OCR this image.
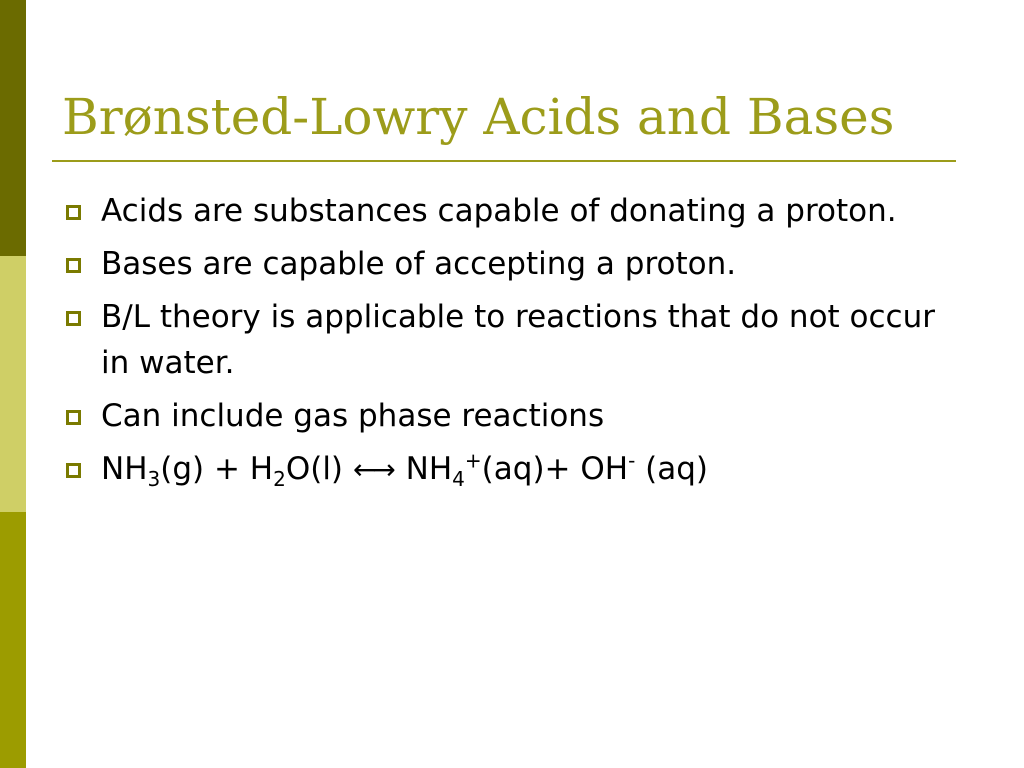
Brønsted-Lowry Acids and Bases
Acids are substances capable of donating a proton.
Bases are capable of accepting a proton.
B/L theory is applicable to reactions that do not occur in water.
Can include gas phase reactions
$NH_3(g) + H_2O(l)$ ←→ $NH_4^+(aq)+ OH^-$ (aq)
